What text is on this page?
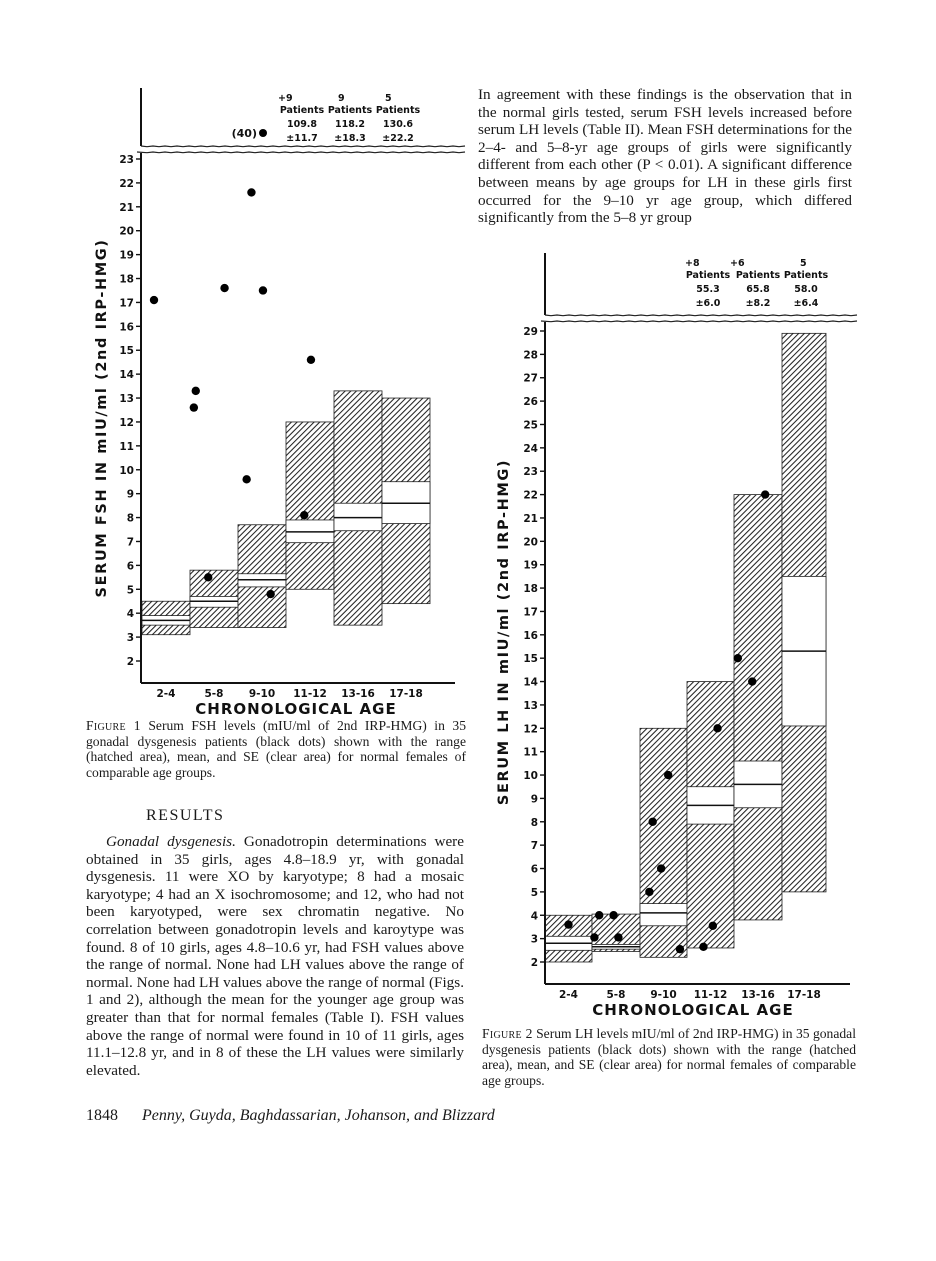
2
3
4
5
6
7
8
9
10
11
12
13
14
15
16
17
18
19
20
21
22
23
2-4	5-8 9-10 11-12 13-16 17-18
CHRONOLOGICAL AGE
SERUM FSH IN mIU/ml (2nd IRP-HMG)
+9
Patients
109.8
±11.7
9
Patients
118.2
±18.3
5
Patients
130.6
±22.2
(40)
2
3
4
5
6
7
8
9
10
11
12
13
14
15
16
17
18
19
20
21
22
23
24
25
26
27
28
29
2-4	5-8 9-10 11-12 13-16 17-18
CHRONOLOGICAL AGE
SERUM LH IN mIU/ml (2nd IRP-HMG)
+8
Patients
55.3
±6.0
+6
Patients
65.8
±8.2
5
Patients
58.0
±6.4
Figure 1 Serum FSH levels (mIU/ml of 2nd IRP-HMG) in 35 gonadal dysgenesis patients (black dots) shown with the range (hatched area), mean, and SE (clear area) for normal females of comparable age groups.
RESULTS
Gonadal dysgenesis. Gonadotropin determinations were obtained in 35 girls, ages 4.8–18.9 yr, with gonadal dysgenesis. 11 were XO by karyotype; 8 had a mosaic karyotype; 4 had an X isochromosome; and 12, who had not been karyotyped, were sex chromatin negative. No correlation between gonadotropin levels and karoytype was found. 8 of 10 girls, ages 4.8–10.6 yr, had FSH values above the range of normal. None had LH values above the range of normal. None had LH values above the range of normal (Figs. 1 and 2), although the mean for the younger age group was greater than that for normal females (Table I). FSH values above the range of normal were found in 10 of 11 girls, ages 11.1–12.8 yr, and in 8 of these the LH values were similarly elevated.
In agreement with these findings is the observation that in the normal girls tested, serum FSH levels increased before serum LH levels (Table II). Mean FSH determinations for the 2–4- and 5–8-yr age groups of girls were significantly different from each other (P < 0.01). A significant difference between means by age groups for LH in these girls first occurred for the 9–10 yr age group, which differed significantly from the 5–8 yr group
Figure 2 Serum LH levels mIU/ml of 2nd IRP-HMG) in 35 gonadal dysgenesis patients (black dots) shown with the range (hatched area), mean, and SE (clear area) for normal females of comparable age groups.
1848 Penny, Guyda, Baghdassarian, Johanson, and Blizzard
